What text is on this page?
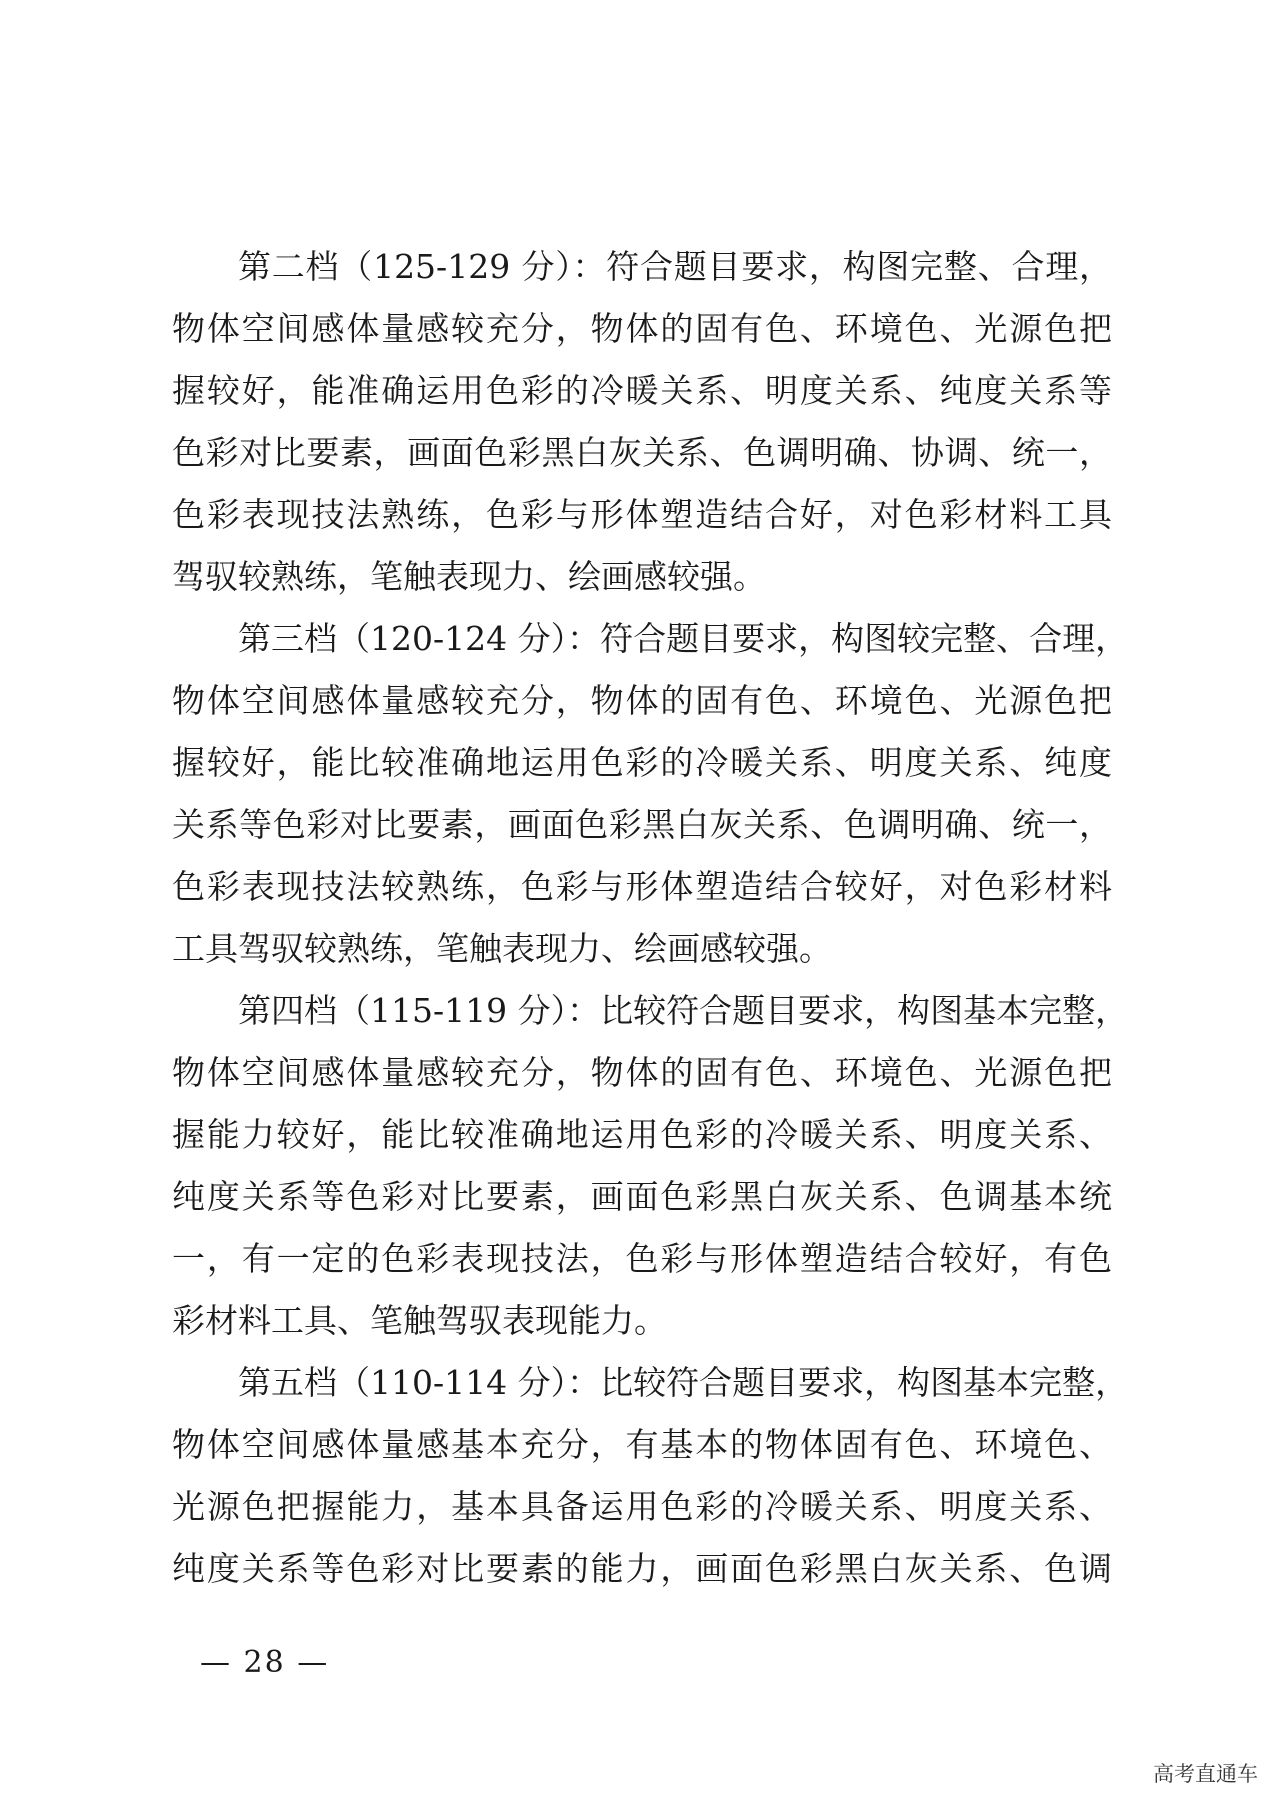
第二档（125-129 分）：符合题目要求，构图完整、合理，
物体空间感体量感较充分，物体的固有色、环境色、光源色把
握较好，能准确运用色彩的冷暖关系、明度关系、纯度关系等
色彩对比要素，画面色彩黑白灰关系、色调明确、协调、统一，
色彩表现技法熟练，色彩与形体塑造结合好，对色彩材料工具
驾驭较熟练，笔触表现力、绘画感较强。
第三档（120-124 分）：符合题目要求，构图较完整、合理，
物体空间感体量感较充分，物体的固有色、环境色、光源色把
握较好，能比较准确地运用色彩的冷暖关系、明度关系、纯度
关系等色彩对比要素，画面色彩黑白灰关系、色调明确、统一，
色彩表现技法较熟练，色彩与形体塑造结合较好，对色彩材料
工具驾驭较熟练，笔触表现力、绘画感较强。
第四档（115-119 分）：比较符合题目要求，构图基本完整，
物体空间感体量感较充分，物体的固有色、环境色、光源色把
握能力较好，能比较准确地运用色彩的冷暖关系、明度关系、
纯度关系等色彩对比要素，画面色彩黑白灰关系、色调基本统
一，有一定的色彩表现技法，色彩与形体塑造结合较好，有色
彩材料工具、笔触驾驭表现能力。
第五档（110-114 分）：比较符合题目要求，构图基本完整，
物体空间感体量感基本充分，有基本的物体固有色、环境色、
光源色把握能力，基本具备运用色彩的冷暖关系、明度关系、
纯度关系等色彩对比要素的能力，画面色彩黑白灰关系、色调
— 28 —
高考直通车
